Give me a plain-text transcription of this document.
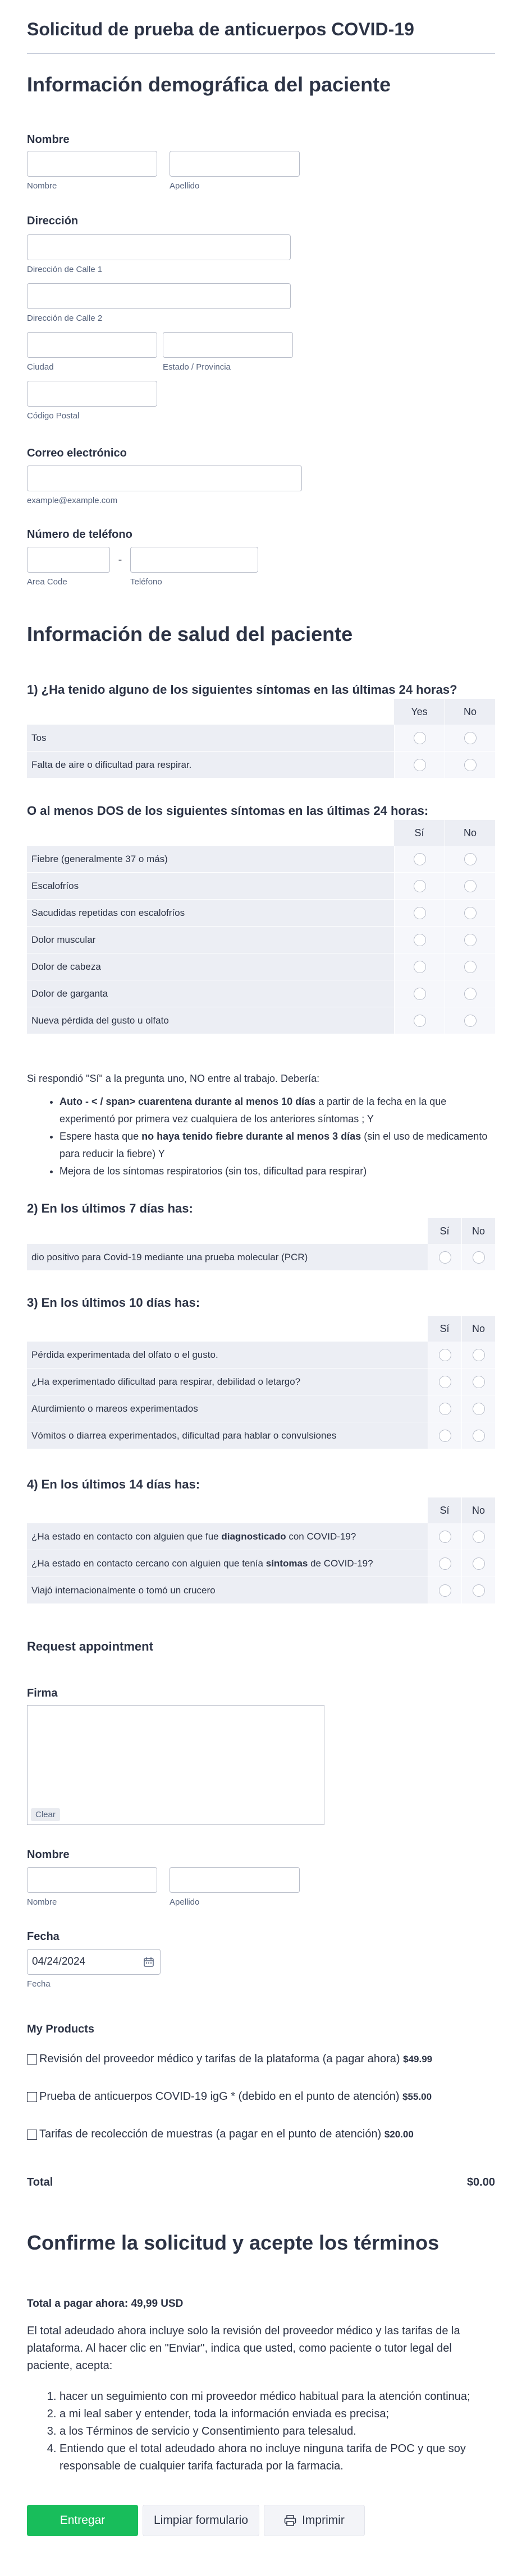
Solicitud de prueba de anticuerpos COVID-19
Información demográfica del paciente
Nombre
Nombre	Apellido
Dirección
Dirección de Calle 1
Dirección de Calle 2
Ciudad	Estado / Provincia
Código Postal
Correo electrónico
example@example.com
Número de teléfono
Area Code
-
Teléfono
Información de salud del paciente
1) ¿Ha tenido alguno de los siguientes síntomas en las últimas 24 horas?
	Yes	No
Tos		
Falta de aire o dificultad para respirar.		
O al menos DOS de los siguientes síntomas en las últimas 24 horas:
	Sí	No
Fiebre (generalmente 37 o más)		
Escalofríos		
Sacudidas repetidas con escalofríos		
Dolor muscular		
Dolor de cabeza		
Dolor de garganta		
Nueva pérdida del gusto u olfato		
Si respondió "Sí" a la pregunta uno, NO entre al trabajo. Debería:
• Auto - < / span> cuarentena durante al menos 10 días a partir de la fecha en la que experimentó por primera vez cualquiera de los anteriores síntomas ; Y
• Espere hasta que no haya tenido fiebre durante al menos 3 días (sin el uso de medicamento para reducir la fiebre) Y
• Mejora de los síntomas respiratorios (sin tos, dificultad para respirar)
2) En los últimos 7 días has:
	Sí	No
dio positivo para Covid-19 mediante una prueba molecular (PCR)		
3) En los últimos 10 días has:
	Sí	No
Pérdida experimentada del olfato o el gusto.		
¿Ha experimentado dificultad para respirar, debilidad o letargo?		
Aturdimiento o mareos experimentados		
Vómitos o diarrea experimentados, dificultad para hablar o convulsiones		
4) En los últimos 14 días has:
	Sí	No
¿Ha estado en contacto con alguien que fue diagnosticado con COVID-19?		
¿Ha estado en contacto cercano con alguien que tenía síntomas de COVID-19?		
Viajó internacionalmente o tomó un crucero		
Request appointment
Firma
Clear
Nombre
Nombre	Apellido
Fecha
04/24/2024
Fecha
My Products
Revisión del proveedor médico y tarifas de la plataforma (a pagar ahora) $49.99
Prueba de anticuerpos COVID-19 igG * (debido en el punto de atención) $55.00
Tarifas de recolección de muestras (a pagar en el punto de atención) $20.00
Total	$0.00
Confirme la solicitud y acepte los términos
Total a pagar ahora: 49,99 USD
El total adeudado ahora incluye solo la revisión del proveedor médico y las tarifas de la plataforma. Al hacer clic en "Enviar", indica que usted, como paciente o tutor legal del paciente, acepta:
1. hacer un seguimiento con mi proveedor médico habitual para la atención continua;
2. a mi leal saber y entender, toda la información enviada es precisa;
3. a los Términos de servicio y Consentimiento para telesalud.
4. Entiendo que el total adeudado ahora no incluye ninguna tarifa de POC y que soy responsable de cualquier tarifa facturada por la farmacia.
Entregar	Limpiar formulario	Imprimir
